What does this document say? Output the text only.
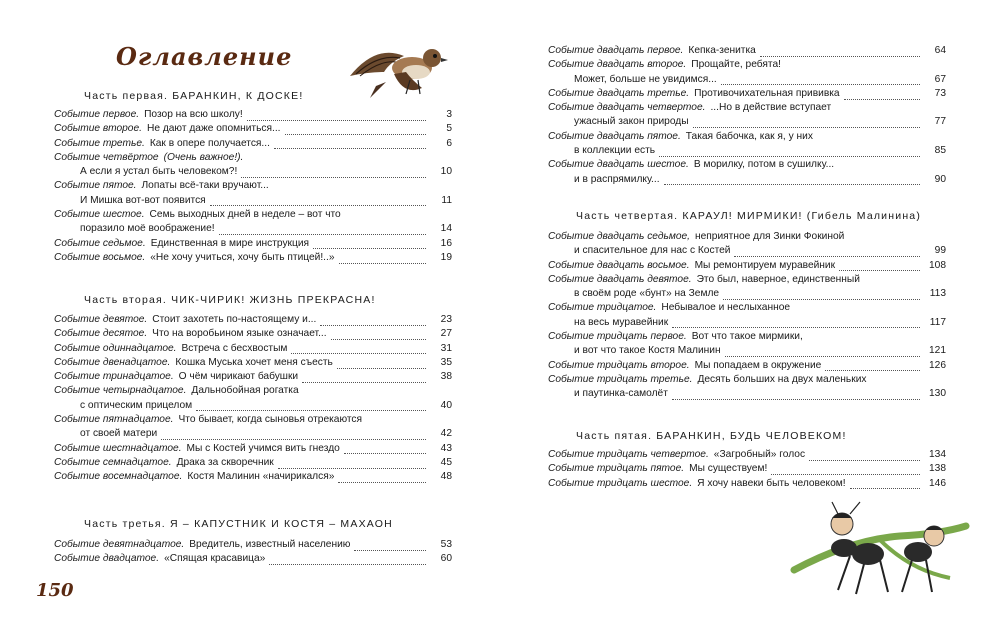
Оглавление
Часть первая. БАРАНКИН, К ДОСКЕ!
Событие первое. Позор на всю школу!	3
Событие второе. Не дают даже опомниться...	5
Событие третье. Как в опере получается...	6
Событие четвёртое (Очень важное!).
А если я устал быть человеком?!	10
Событие пятое. Лопаты всё-таки вручают...
И Мишка вот-вот появится	11
Событие шестое. Семь выходных дней в неделе – вот что
поразило моё воображение!	14
Событие седьмое. Единственная в мире инструкция	16
Событие восьмое. «Не хочу учиться, хочу быть птицей!..»	19
Часть вторая. ЧИК-ЧИРИК! ЖИЗНЬ ПРЕКРАСНА!
Событие девятое. Стоит захотеть по-настоящему и...	23
Событие десятое. Что на воробьином языке означает...	27
Событие одиннадцатое. Встреча с бесхвостым	31
Событие двенадцатое. Кошка Муська хочет меня съесть	35
Событие тринадцатое. О чём чирикают бабушки	38
Событие четырнадцатое. Дальнобойная рогатка
с оптическим прицелом	40
Событие пятнадцатое. Что бывает, когда сыновья отрекаются
от своей матери	42
Событие шестнадцатое. Мы с Костей учимся вить гнездо	43
Событие семнадцатое. Драка за скворечник	45
Событие восемнадцатое. Костя Малинин «начирикался»	48
Часть третья. Я – КАПУСТНИК И КОСТЯ – МАХАОН
Событие девятнадцатое. Вредитель, известный населению	53
Событие двадцатое. «Спящая красавица»	60
150
Событие двадцать первое. Кепка-зенитка	64
Событие двадцать второе. Прощайте, ребята!
Может, больше не увидимся...	67
Событие двадцать третье. Противочихательная прививка	73
Событие двадцать четвертое. ...Но в действие вступает
ужасный закон природы	77
Событие двадцать пятое. Такая бабочка, как я, у них
в коллекции есть	85
Событие двадцать шестое. В морилку, потом в сушилку...
и в распрямилку...	90
Часть четвертая. КАРАУЛ! МИРМИКИ! (Гибель Малинина)
Событие двадцать седьмое, неприятное для Зинки Фокиной
и спасительное для нас с Костей	99
Событие двадцать восьмое. Мы ремонтируем муравейник	108
Событие двадцать девятое. Это был, наверное, единственный
в своём роде «бунт» на Земле	113
Событие тридцатое. Небывалое и неслыханное
на весь муравейник	117
Событие тридцать первое. Вот что такое мирмики,
и вот что такое Костя Малинин	121
Событие тридцать второе. Мы попадаем в окружение	126
Событие тридцать третье. Десять больших на двух маленьких
и паутинка-самолёт	130
Часть пятая. БАРАНКИН, БУДЬ ЧЕЛОВЕКОМ!
Событие тридцать четвертое. «Загробный» голос	134
Событие тридцать пятое. Мы существуем!	138
Событие тридцать шестое. Я хочу навеки быть человеком!	146
